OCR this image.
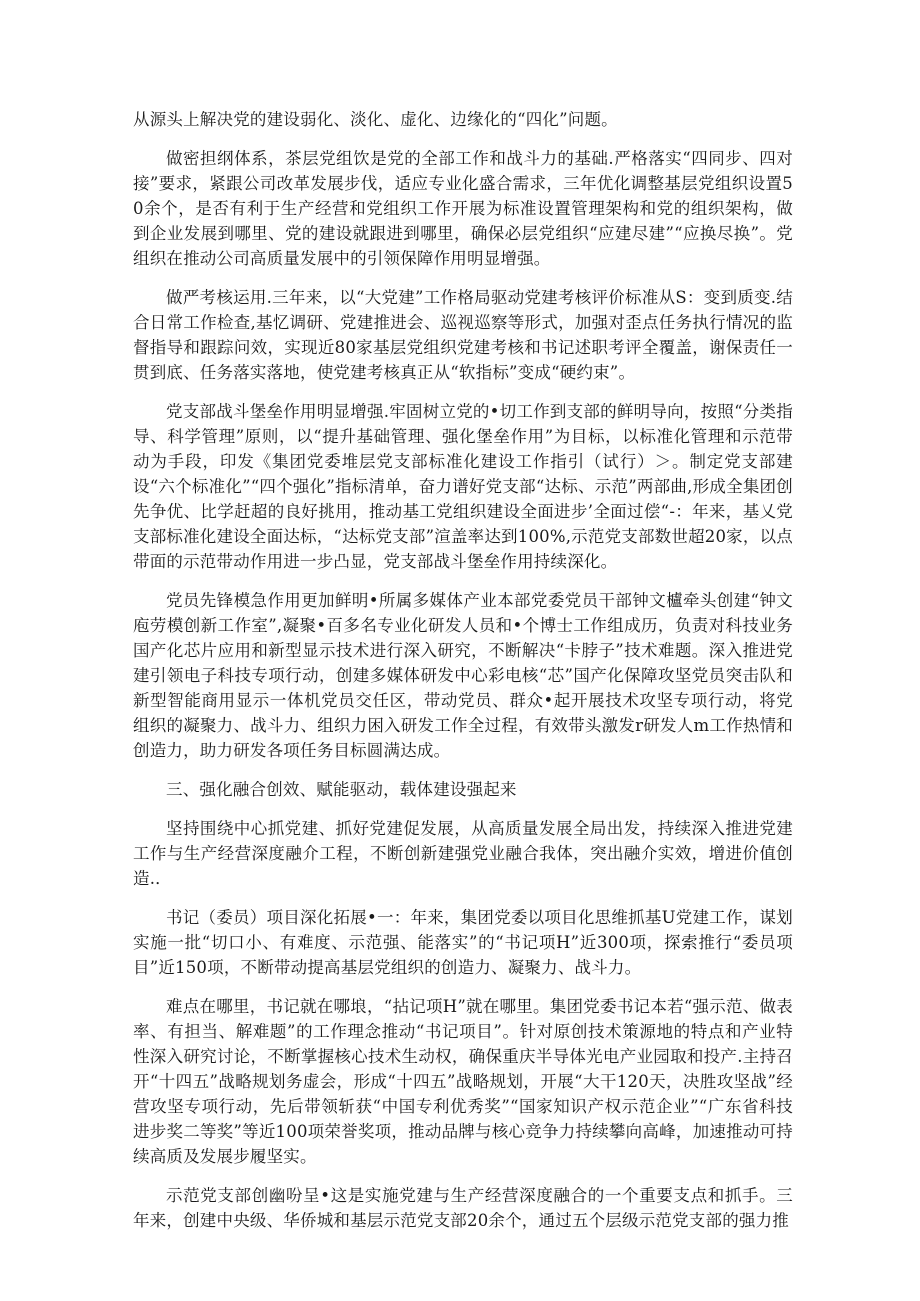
从源头上解决党的建设弱化、淡化、虚化、边缘化的“四化”问题。

做密担纲体系，茶层党组饮是党的全部工作和战斗力的基础.严格落实“四同步、四对接”要求，紧跟公司改革发展步伐，适应专业化盛合需求，三年优化调整基层党组织设置50余个，是否有利于生产经营和党组织工作开展为标准设置管理架构和党的组织架构，做到企业发展到哪里、党的建设就跟进到哪里，确保必层党组织“应建尽建”“应换尽换”。党组织在推动公司高质量发展中的引领保障作用明显增强。

做严考核运用.三年来，以“大党建”工作格局驱动党建考核评价标准从S：变到质变.结合日常工作检查,基忆调研、党建推进会、巡视巡察等形式，加强对歪点任务执行情况的监督指导和跟踪问效，实现近80家基层党组织党建考核和书记述职考评全覆盖，谢保责任一贯到底、任务落实落地，使党建考核真正从“软指标”变成“硬约束”。

党支部战斗堡垒作用明显增强.牢固树立党的•切工作到支部的鲜明导向，按照“分类指导、科学管理”原则，以“提升基础管理、强化堡垒作用”为目标，以标准化管理和示范带动为手段，印发《集团党委堆层党支部标准化建设工作指引（试行）＞。制定党支部建设“六个标准化”“四个强化”指标清单，奋力谱好党支部“达标、示范”两部曲,形成全集团创先争优、比学赶超的良好挑用，推动基工党组织建设全面进步’全面过偿“-：年来，基乂党支部标准化建设全面达标，“达标党支部”渲盖率达到100%,示范党支部数世超20家，以点带面的示范带动作用进一步凸显，党支部战斗堡垒作用持续深化。

党员先锋模急作用更加鲜明•所属多媒体产业本部党委党员干部钟文櫨牵头创建“钟文庖劳模创新工作室”,凝聚•百多名专业化研发人员和•个博士工作组成历，负责对科技业务国产化芯片应用和新型显示技术进行深入研究，不断解决“卡脖子”技术难题。深入推进党建引领电子科技专项行动，创建多媒体研发中心彩电核“芯”国产化保障攻坚党员突击队和新型智能商用显示一体机党员交任区，带动党员、群众•起开展技术攻坚专项行动，将党组织的凝聚力、战斗力、组织力困入研发工作全过程，有效带头激发r研发人m工作热情和创造力，助力研发各项任务目标圆满达成。

三、强化融合创效、赋能驱动，载体建设强起来

坚持围绕中心抓党建、抓好党建促发展，从高质量发展全局出发，持续深入推进党建工作与生产经营深度融介工程，不断创新建强党业融合我体，突出融介实效，增进价值创造.．

书记（委员）项目深化拓展•一：年来，集团党委以项目化思维抓基U党建工作，谋划实施一批“切口小、有难度、示范强、能落实”的“书记项H”近300项，探索推行“委员项目”近150项，不断带动提高基层党组织的创造力、凝聚力、战斗力。

难点在哪里，书记就在哪埌，“拈记项H”就在哪里。集团党委书记本若“强示范、做表率、有担当、解难题”的工作理念推动“书记项目”。针对原创技术策源地的特点和产业特性深入研究讨论，不断掌握核心技术生动权，确保重庆半导体光电产业园取和投产.主持召开“十四五”战略规划务虚会，形成“十四五”战略规划，开展“大干120天，决胜攻坚战”经营攻坚专项行动，先后带领斩获“中国专利优秀奖”“国家知识产权示范企业”“广东省科技进步奖二等奖”等近100项荣誉奖项，推动品牌与核心竞争力持续攀向高峰，加速推动可持续高质及发展步履坚实。

示范党支部创幽吩呈•这是实施党建与生产经营深度融合的一个重要支点和抓手。三年来，创建中央级、华侨城和基层示范党支部20余个，通过五个层级示范党支部的强力推
